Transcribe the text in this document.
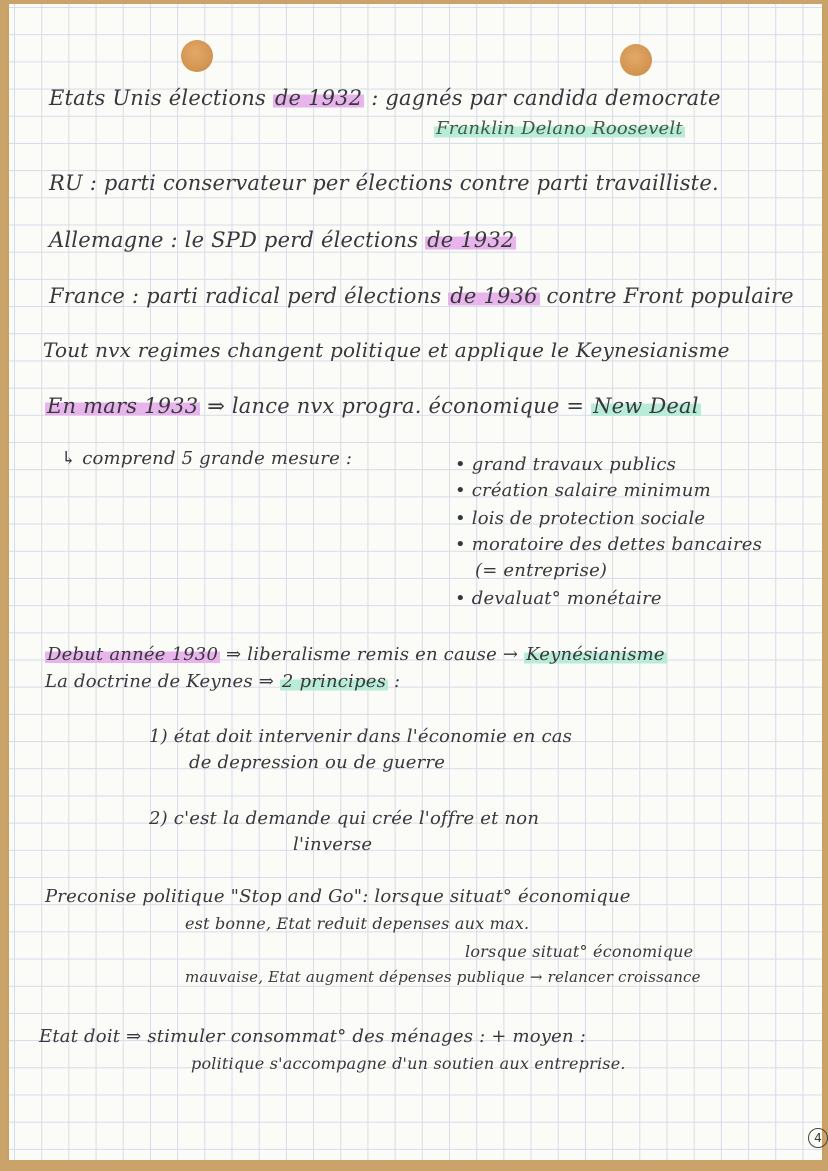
Etats Unis élections de 1932 : gagnés par candida democrate
Franklin Delano Roosevelt
RU : parti conservateur per élections contre parti travailliste.
Allemagne : le SPD perd élections de 1932
France : parti radical perd élections de 1936 contre Front populaire
Tout nvx regimes changent politique et applique le Keynesianisme
En mars 1933 ⇒ lance nvx progra. économique = New Deal
↳ comprend 5 grande mesure :	• grand travaux publics
• création salaire minimum
• lois de protection sociale
• moratoire des dettes bancaires
(= entreprise)
• devaluat° monétaire
Debut année 1930 ⇒ liberalisme remis en cause → Keynésianisme
La doctrine de Keynes ⇒ 2 principes :
1) état doit intervenir dans l'économie en cas
de depression ou de guerre
2) c'est la demande qui crée l'offre et non
l'inverse
Preconise politique "Stop and Go": lorsque situat° économique
est bonne, Etat reduit depenses aux max.
lorsque situat° économique
mauvaise, Etat augment dépenses publique → relancer croissance
Etat doit ⇒ stimuler consommat° des ménages : + moyen :
politique s'accompagne d'un soutien aux entreprise.
4
